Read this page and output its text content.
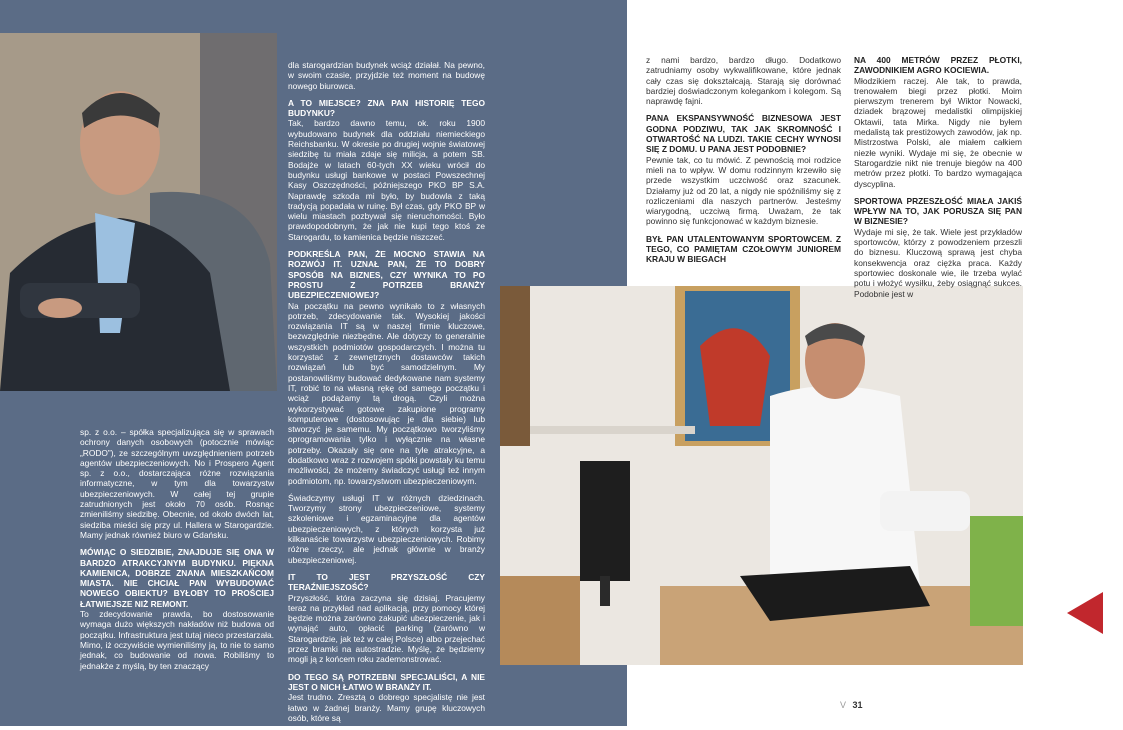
sp. z o.o. – spółka specjalizująca się w sprawach ochrony danych osobowych (potocznie mówiąc „RODO”), ze szczególnym uwzględnieniem potrzeb agentów ubezpieczeniowych. No i Prospero Agent sp. z o.o., dostarczająca różne rozwiązania informatyczne, w tym dla towarzystw ubezpieczeniowych. W całej tej grupie zatrudnionych jest około 70 osób. Rosnąc zmieniliśmy siedzibę. Obecnie, od około dwóch lat, siedziba mieści się przy ul. Hallera w Starogardzie. Mamy jednak również biuro w Gdańsku.

MÓWIĄC O SIEDZIBIE, ZNAJDUJE SIĘ ONA W BARDZO ATRAKCYJNYM BUDYNKU. PIĘKNA KAMIENICA, DOBRZE ZNANA MIESZKAŃCOM MIASTA. NIE CHCIAŁ PAN WYBUDOWAĆ NOWEGO OBIEKTU? BYŁOBY TO PROŚCIEJ ŁATWIEJSZE NIŻ REMONT.

To zdecydowanie prawda, bo dostosowanie wymaga dużo większych nakładów niż budowa od początku. Infrastruktura jest tutaj nieco przestarzała. Mimo, iż oczywiście wymieniliśmy ją, to nie to samo jednak, co budowanie od nowa. Robiliśmy to jednakże z myślą, by ten znaczący

dla starogardzian budynek wciąż działał. Na pewno, w swoim czasie, przyjdzie też moment na budowę nowego biurowca.

A TO MIEJSCE? ZNA PAN HISTORIĘ TEGO BUDYNKU?

Tak, bardzo dawno temu, ok. roku 1900 wybudowano budynek dla oddziału niemieckiego Reichsbanku. W okresie po drugiej wojnie światowej siedzibę tu miała zdaje się milicja, a potem SB. Bodajże w latach 60-tych XX wieku wrócił do budynku usługi bankowe w postaci Powszechnej Kasy Oszczędności, późniejszego PKO BP S.A. Naprawdę szkoda mi było, by budowla z taką tradycją popadała w ruinę. Był czas, gdy PKO BP w wielu miastach pozbywał się nieruchomości. Było prawdopodobnym, że jak nie kupi tego ktoś ze Starogardu, to kamienica będzie niszczeć.

PODKREŚLA PAN, ŻE MOCNO STAWIA NA ROZWÓJ IT. UZNAŁ PAN, ŻE TO DOBRY SPOSÓB NA BIZNES, CZY WYNIKA TO PO PROSTU Z POTRZEB BRANŻY UBEZPIECZENIOWEJ?

Na początku na pewno wynikało to z własnych potrzeb, zdecydowanie tak. Wysokiej jakości rozwiązania IT są w naszej firmie kluczowe, bezwzględnie niezbędne. Ale dotyczy to generalnie wszystkich podmiotów gospodarczych. I można tu korzystać z zewnętrznych dostawców takich rozwiązań lub być samodzielnym. My postanowiliśmy budować dedykowane nam systemy IT, robić to na własną rękę od samego początku i wciąż podążamy tą drogą. Czyli można wykorzystywać gotowe zakupione programy komputerowe (dostosowując je dla siebie) lub stworzyć je samemu. My początkowo tworzyliśmy oprogramowania tylko i wyłącznie na własne potrzeby. Okazały się one na tyle atrakcyjne, a dodatkowo wraz z rozwojem spółki powstały ku temu możliwości, że możemy świadczyć usługi też innym podmiotom, np. towarzystwom ubezpieczeniowym.

Świadczymy usługi IT w różnych dziedzinach. Tworzymy strony ubezpieczeniowe, systemy szkoleniowe i egzaminacyjne dla agentów ubezpieczeniowych, z których korzysta już kilkanaście towarzystw ubezpieczeniowych. Robimy różne rzeczy, ale jednak głównie w branży ubezpieczeniowej.

IT TO JEST PRZYSZŁOŚĆ CZY TERAŹNIEJSZOŚĆ?

Przyszłość, która zaczyna się dzisiaj. Pracujemy teraz na przykład nad aplikacją, przy pomocy której będzie można zarówno zakupić ubezpieczenie, jak i wynająć auto, opłacić parking (zarówno w Starogardzie, jak też w całej Polsce) albo przejechać przez bramki na autostradzie. Myślę, że będziemy mogli ją z końcem roku zademonstrować.

DO TEGO SĄ POTRZEBNI SPECJALIŚCI, A NIE JEST O NICH ŁATWO W BRANŻY IT.

Jest trudno. Zresztą o dobrego specjalistę nie jest łatwo w żadnej branży. Mamy grupę kluczowych osób, które są

z nami bardzo, bardzo długo. Dodatkowo zatrudniamy osoby wykwalifikowane, które jednak cały czas się dokształcają. Starają się dorównać bardziej doświadczonym kolegankom i kolegom. Są naprawdę fajni.

PANA EKSPANSYWNOŚĆ BIZNESOWA JEST GODNA PODZIWU, TAK JAK SKROMNOŚĆ I OTWARTOŚĆ NA LUDZI. TAKIE CECHY WYNOSI SIĘ Z DOMU. U PANA JEST PODOBNIE?

Pewnie tak, co tu mówić. Z pewnością moi rodzice mieli na to wpływ. W domu rodzinnym krzewiło się przede wszystkim uczciwość oraz szacunek. Działamy już od 20 lat, a nigdy nie spóźniliśmy się z rozliczeniami dla naszych partnerów. Jesteśmy wiarygodną, uczciwą firmą. Uważam, że tak powinno się funkcjonować w każdym biznesie.

BYŁ PAN UTALENTOWANYM SPORTOWCEM. Z TEGO, CO PAMIĘTAM CZOŁOWYM JUNIOREM KRAJU W BIEGACH

NA 400 METRÓW PRZEZ PŁOTKI, ZAWODNIKIEM AGRO KOCIEWIA.

Młodzikiem raczej. Ale tak, to prawda, trenowałem biegi przez płotki. Moim pierwszym trenerem był Wiktor Nowacki, dziadek brązowej medalistki olimpijskiej Oktawii, tata Mirka. Nigdy nie byłem medalistą tak prestiżowych zawodów, jak np. Mistrzostwa Polski, ale miałem całkiem niezłe wyniki. Wydaje mi się, że obecnie w Starogardzie nikt nie trenuje biegów na 400 metrów przez płotki. To bardzo wymagająca dyscyplina.

SPORTOWA PRZESZŁOŚĆ MIAŁA JAKIŚ WPŁYW NA TO, JAK PORUSZA SIĘ PAN W BIZNESIE?

Wydaje mi się, że tak. Wiele jest przykładów sportowców, którzy z powodzeniem przeszli do biznesu. Kluczową sprawą jest chyba konsekwencja oraz ciężka praca. Każdy sportowiec doskonale wie, ile trzeba wylać potu i włożyć wysiłku, żeby osiągnąć sukces. Podobnie jest w

V 31
